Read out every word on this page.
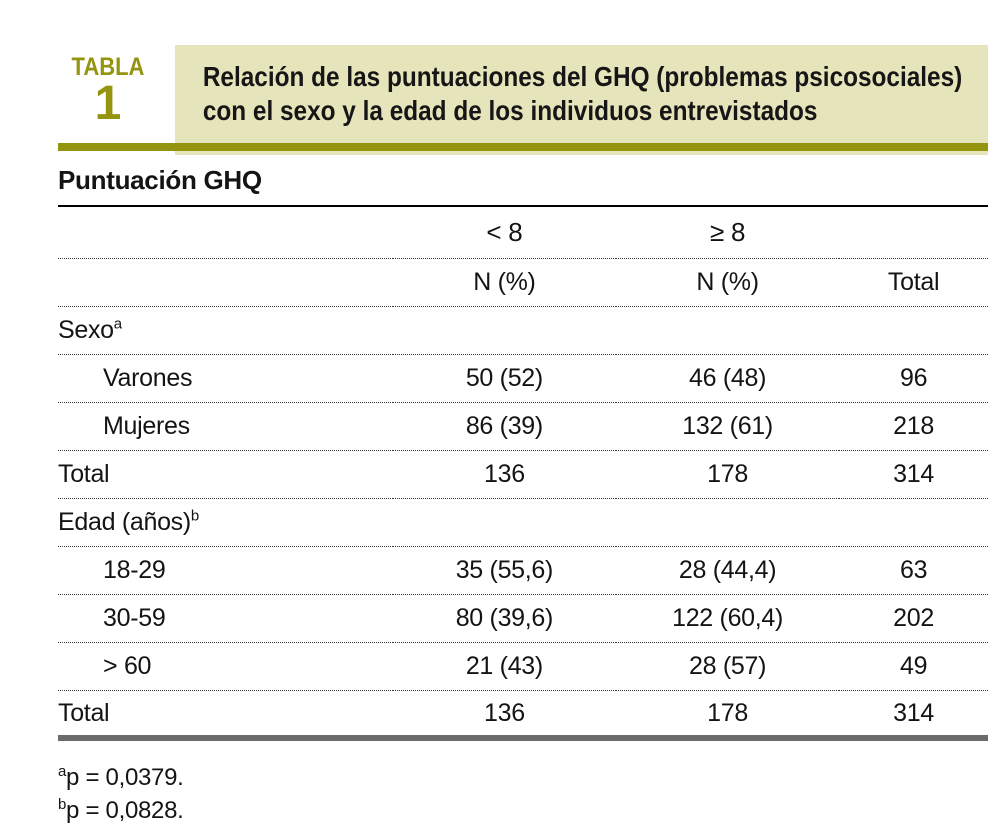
TABLA
1
Relación de las puntuaciones del GHQ (problemas psicosociales)
con el sexo y la edad de los individuos entrevistados
Puntuación GHQ
	< 8	≥ 8	
	N (%)	N (%)	Total
Sexo$^a$			
Varones	50 (52)	46 (48)	96
Mujeres	86 (39)	132 (61)	218
Total	136	178	314
Edad (años)$^b$			
18-29	35 (55,6)	28 (44,4)	63
30-59	80 (39,6)	122 (60,4)	202
> 60	21 (43)	28 (57)	49
Total	136	178	314
$^a$p = 0,0379.
$^b$p = 0,0828.
